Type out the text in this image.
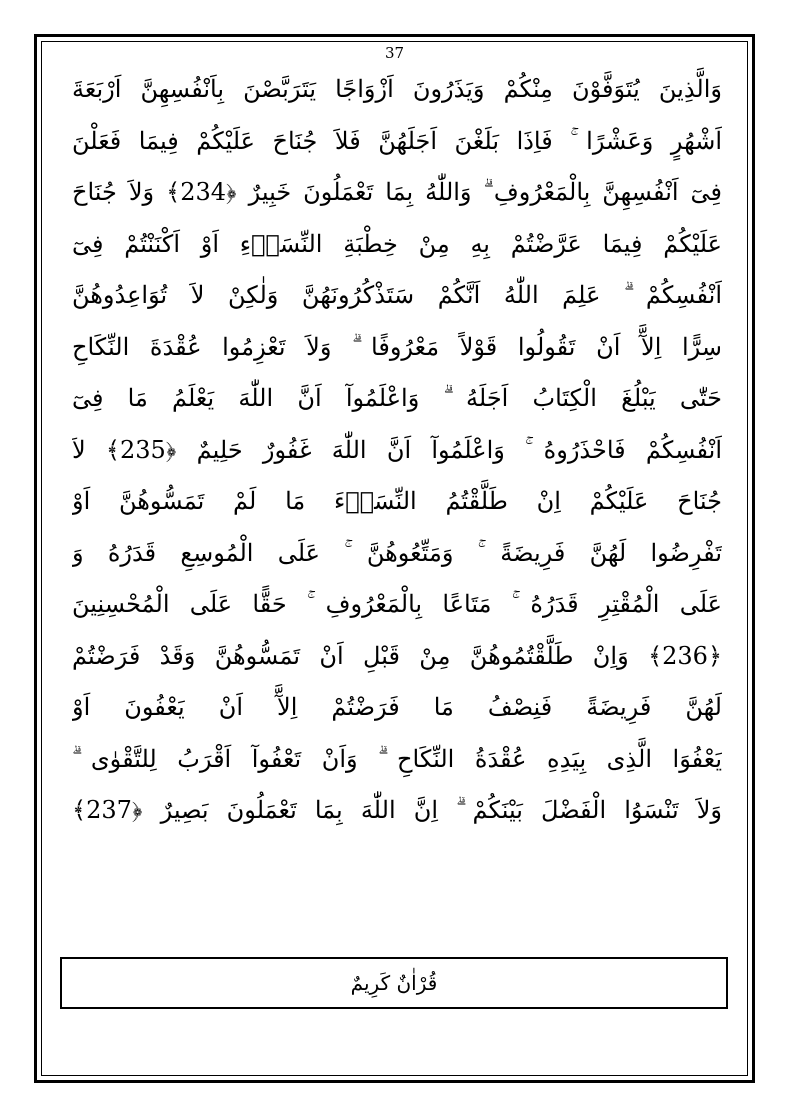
37
وَالَّذِينَ يُتَوَفَّوْنَ مِنْكُمْ وَيَذَرُونَ اَزْوَاجًا يَتَرَبَّصْنَ بِاَنْفُسِهِنَّ اَرْبَعَةَ
اَشْهُرٍ وَعَشْرًا ۚ فَاِذَا بَلَغْنَ اَجَلَهُنَّ فَلاَ جُنَاحَ عَلَيْكُمْ فِيمَا فَعَلْنَ
فِىٓ اَنْفُسِهِنَّ بِالْمَعْرُوفِ ۗ وَاللّٰهُ بِمَا تَعْمَلُونَ خَبِيرٌ ﴿234﴾ وَلاَ جُنَاحَ
عَلَيْكُمْ فِيمَا عَرَّضْتُمْ بِهِ مِنْ خِطْبَةِ النِّسَاۤءِ اَوْ اَكْنَنْتُمْ فِىٓ
اَنْفُسِكُمْ ۗ عَلِمَ اللّٰهُ اَنَّكُمْ سَتَذْكُرُونَهُنَّ وَلٰكِنْ لاَ تُوَاعِدُوهُنَّ
سِرًّا اِلآَّ اَنْ تَقُولُوا قَوْلاً مَعْرُوفًا ۗ وَلاَ تَعْزِمُوا عُقْدَةَ النِّكَاحِ
حَتّٰى يَبْلُغَ الْكِتَابُ اَجَلَهُ ۗ وَاعْلَمُوآ اَنَّ اللّٰهَ يَعْلَمُ مَا فِىٓ
اَنْفُسِكُمْ فَاحْذَرُوهُ ۚ وَاعْلَمُوآ اَنَّ اللّٰهَ غَفُورٌ حَلِيمٌ ﴿235﴾ لاَ
جُنَاحَ عَلَيْكُمْ اِنْ طَلَّقْتُمُ النِّسَاۤءَ مَا لَمْ تَمَسُّوهُنَّ اَوْ
تَفْرِضُوا لَهُنَّ فَرِيضَةً ۚ وَمَتِّعُوهُنَّ ۚ عَلَى الْمُوسِعِ قَدَرُهُ وَ
عَلَى الْمُقْتِرِ قَدَرُهُ ۚ مَتَاعًا بِالْمَعْرُوفِ ۚ حَقًّا عَلَى الْمُحْسِنِينَ
﴿236﴾ وَاِنْ طَلَّقْتُمُوهُنَّ مِنْ قَبْلِ اَنْ تَمَسُّوهُنَّ وَقَدْ فَرَضْتُمْ
لَهُنَّ فَرِيضَةً فَنِصْفُ مَا فَرَضْتُمْ اِلآَّ اَنْ يَعْفُونَ اَوْ
يَعْفُوَا الَّذِى بِيَدِهِ عُقْدَةُ النِّكَاحِ ۗ وَاَنْ تَعْفُوآ اَقْرَبُ لِلتَّقْوٰى ۗ
وَلاَ تَنْسَوُا الْفَضْلَ بَيْنَكُمْ ۗ اِنَّ اللّٰهَ بِمَا تَعْمَلُونَ بَصِيرٌ ﴿237﴾
قُرْاٰنٌ كَرِيمٌ
